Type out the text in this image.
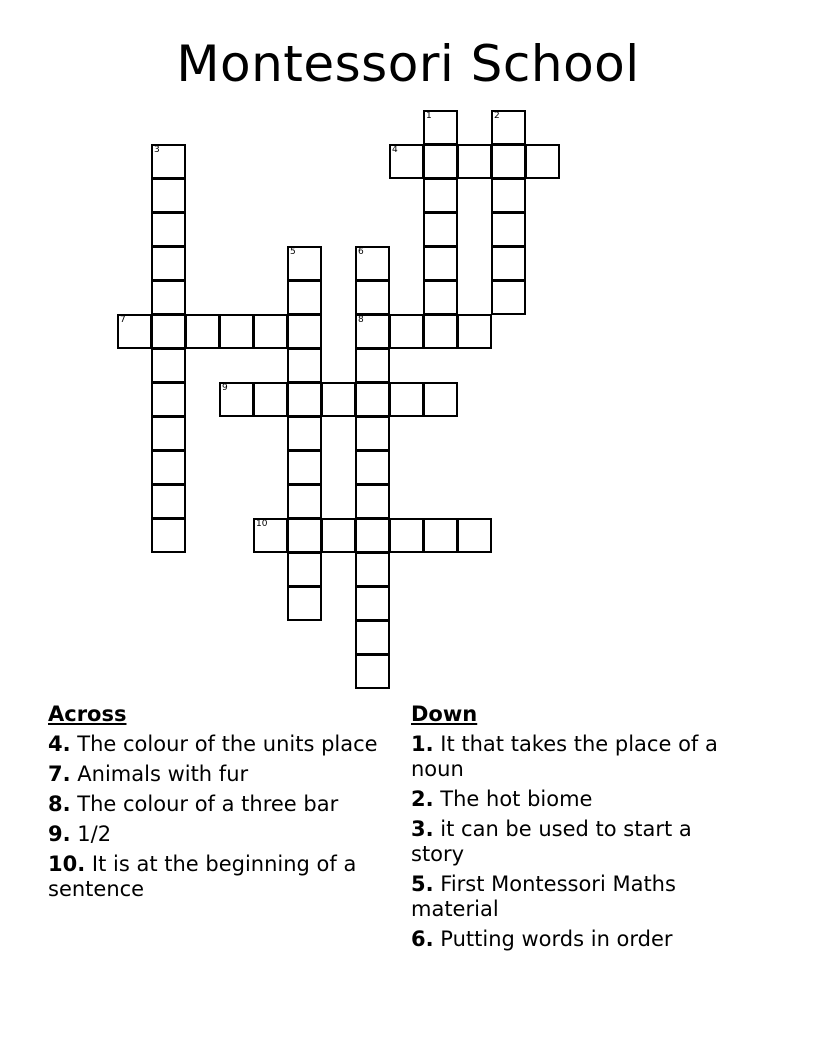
Montessori School
1	2
3	4
5	6
8
7
9
10
Across
4. The colour of the units place
7. Animals with fur
8. The colour of a three bar
9. 1/2
10. It is at the beginning of a sentence
Down
1. It that takes the place of a noun
2. The hot biome
3. it can be used to start a story
5. First Montessori Maths material
6. Putting words in order
